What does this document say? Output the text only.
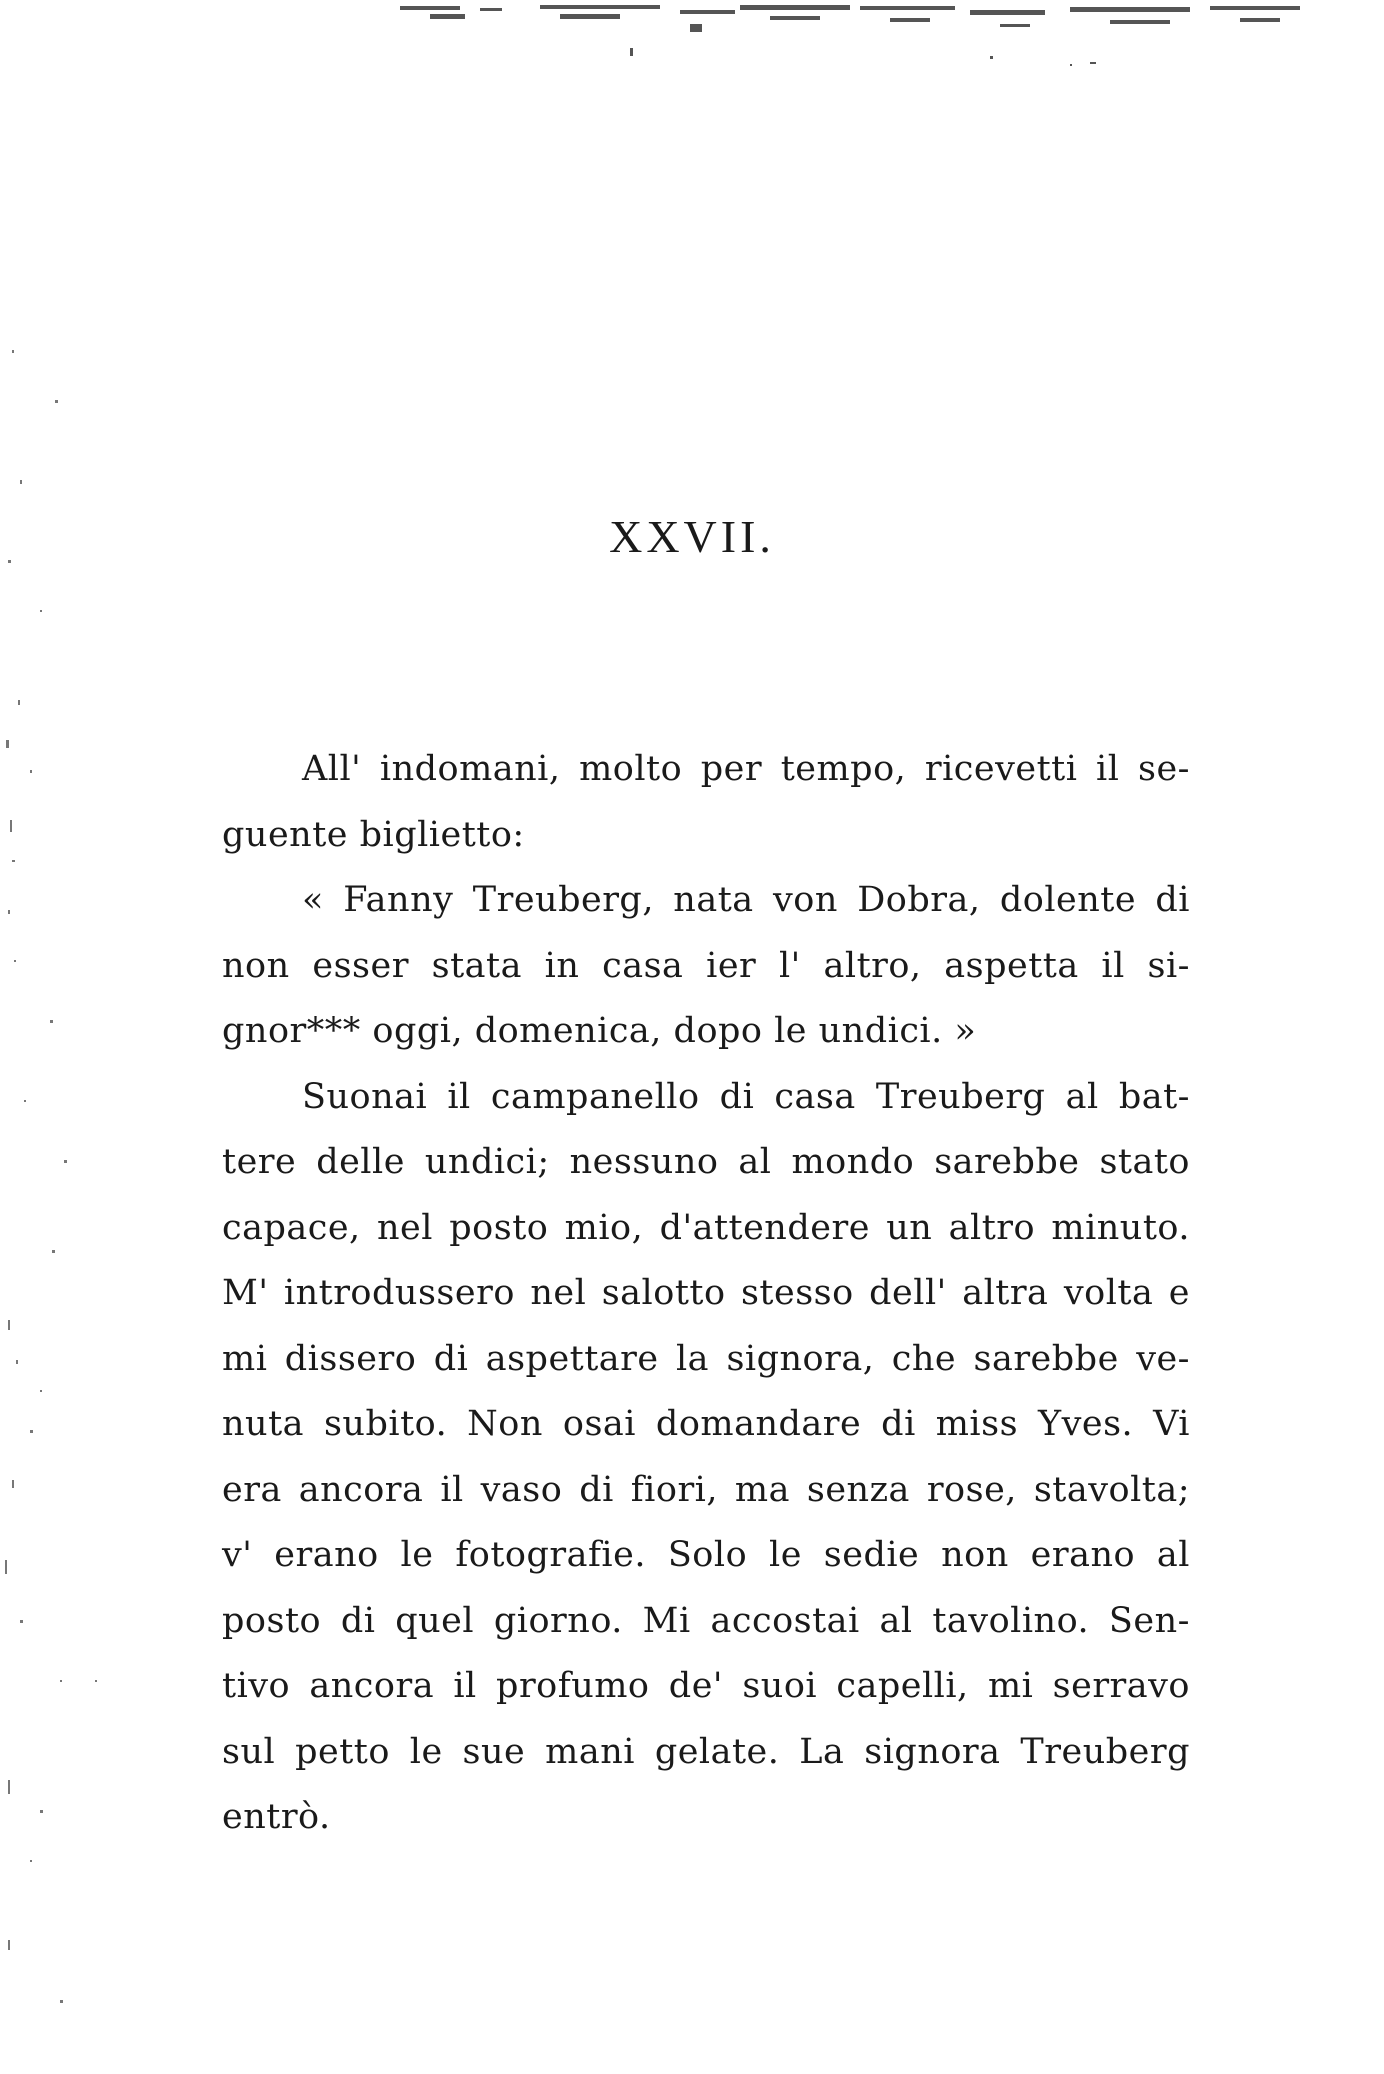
XXVII.
All' indomani, molto per tempo, ricevetti il se-
guente biglietto:
« Fanny Treuberg, nata von Dobra, dolente di
non esser stata in casa ier l' altro, aspetta il si-
gnor*** oggi, domenica, dopo le undici. »
Suonai il campanello di casa Treuberg al bat-
tere delle undici; nessuno al mondo sarebbe stato
capace, nel posto mio, d'attendere un altro minuto.
M' introdussero nel salotto stesso dell' altra volta e
mi dissero di aspettare la signora, che sarebbe ve-
nuta subito. Non osai domandare di miss Yves. Vi
era ancora il vaso di fiori, ma senza rose, stavolta;
v' erano le fotografie. Solo le sedie non erano al
posto di quel giorno. Mi accostai al tavolino. Sen-
tivo ancora il profumo de' suoi capelli, mi serravo
sul petto le sue mani gelate. La signora Treuberg
entrò.
